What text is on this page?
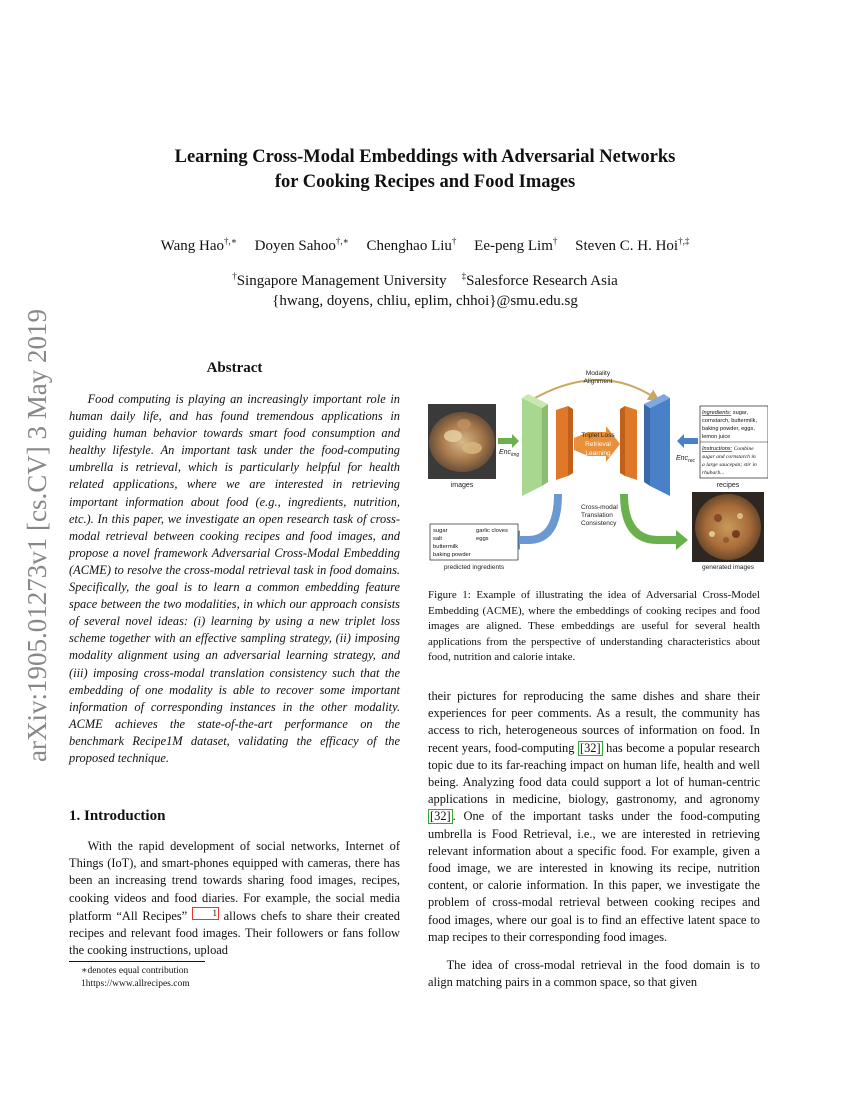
arXiv:1905.01273v1 [cs.CV] 3 May 2019
Learning Cross-Modal Embeddings with Adversarial Networks
for Cooking Recipes and Food Images
Wang Hao†,∗ Doyen Sahoo†,∗ Chenghao Liu† Ee-peng Lim† Steven C. H. Hoi†,‡
†Singapore Management University ‡Salesforce Research Asia
{hwang, doyens, chliu, eplim, chhoi}@smu.edu.sg
Abstract

Food computing is playing an increasingly important role in human daily life, and has found tremendous applications in guiding human behavior towards smart food consumption and healthy lifestyle. An important task under the food-computing umbrella is retrieval, which is particularly helpful for health related applications, where we are interested in retrieving important information about food (e.g., ingredients, nutrition, etc.). In this paper, we investigate an open research task of cross-modal retrieval between cooking recipes and food images, and propose a novel framework Adversarial Cross-Modal Embedding (ACME) to resolve the cross-modal retrieval task in food domains. Specifically, the goal is to learn a common embedding feature space between the two modalities, in which our approach consists of several novel ideas: (i) learning by using a new triplet loss scheme together with an effective sampling strategy, (ii) imposing modality alignment using an adversarial learning strategy, and (iii) imposing cross-modal translation consistency such that the embedding of one modality is able to recover some important information of corresponding instances in the other modality. ACME achieves the state-of-the-art performance on the benchmark Recipe1M dataset, validating the efficacy of the proposed technique.

1. Introduction

With the rapid development of social networks, Internet of Things (IoT), and smart-phones equipped with cameras, there has been an increasing trend towards sharing food images, recipes, cooking videos and food diaries. For example, the social media platform “All Recipes”	1 allows chefs to share their created recipes and relevant food images. Their followers or fans follow the cooking instructions, upload

∗denotes equal contribution

1https://www.allrecipes.com

Modality
Alignment
images
Enc$_{img}$	Enc$_{rec}$
Triplet Loss
Retrieval
Learning
Ingredients: sugar,
cornstarch, buttermilk,
baking powder, eggs,
lemon juice
Instructions: Combine
sugar and cornstarch in
a large saucepan; stir in
rhubarb...
recipes
Cross-modal
Translation
Consistency
sugar
salt
buttermilk
baking powder
garlic cloves
eggs
predicted ingredients	generated images

Figure 1: Example of illustrating the idea of Adversarial Cross-Model Embedding (ACME), where the embeddings of cooking recipes and food images are aligned. These embeddings are useful for several health applications from the perspective of understanding characteristics about food, nutrition and calorie intake.

their pictures for reproducing the same dishes and share their experiences for peer comments. As a result, the community has access to rich, heterogeneous sources of information on food. In recent years, food-computing [32] has become a popular research topic due to its far-reaching impact on human life, health and well being. Analyzing food data could support a lot of human-centric applications in medicine, biology, gastronomy, and agronomy [32] . One of the important tasks under the food-computing umbrella is Food Retrieval, i.e., we are interested in retrieving relevant information about a specific food. For example, given a food image, we are interested in knowing its recipe, nutrition content, or calorie information. In this paper, we investigate the problem of cross-modal retrieval between cooking recipes and food images, where our goal is to find an effective latent space to map recipes to their corresponding food images.

The idea of cross-modal retrieval in the food domain is to align matching pairs in a common space, so that given
